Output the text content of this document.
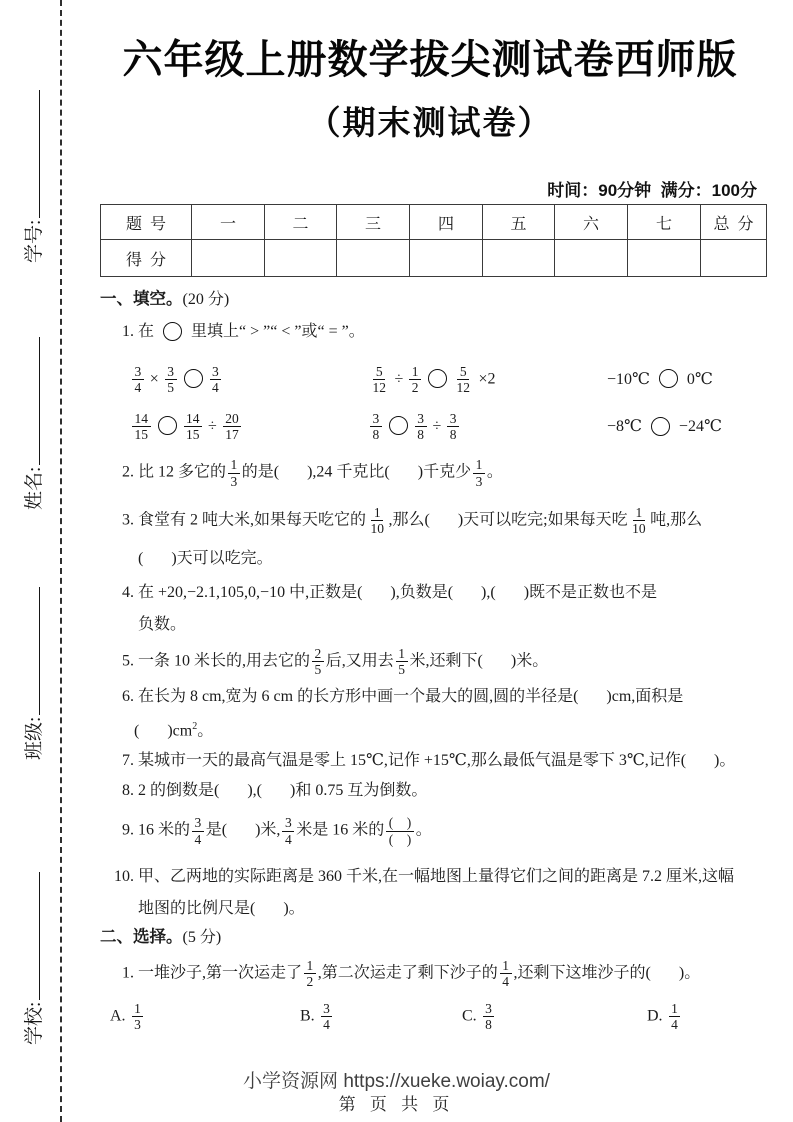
学号:
姓名:
班级:
学校:
六年级上册数学拔尖测试卷西师版
（期末测试卷）
时间：90分钟  满分：100分
题  号	一	二	三	四	五	六	七	总  分
得  分								
一、填空。(20 分)
1. 在  里填上“ > ”“ < ”或“ = ”。
$\frac{3}{4} \times \frac{3}{5} \frac{3}{4}$	$\frac{5}{12} \div \frac{1}{2} \frac{5}{12} \times 2$	−10℃  0℃
$\frac{14}{15} \frac{14}{15} \div \frac{20}{17}$	$\frac{3}{8} \frac{3}{8} \div \frac{3}{8}$	−8℃  −24℃
2. 比 12 多它的 $\frac{1}{3}$ 的是(       ),24 千克比(       )千克少 $\frac{1}{3}$ 。
3. 食堂有 2 吨大米,如果每天吃它的 $\frac{1}{10}$ ,那么(       )天可以吃完;如果每天吃 $\frac{1}{10}$ 吨,那么
(       )天可以吃完。
4. 在 +20,−2.1,105,0,−10 中,正数是(       ),负数是(       ),(       )既不是正数也不是
负数。
5. 一条 10 米长的,用去它的 $\frac{2}{5}$ 后,又用去 $\frac{1}{5}$ 米,还剩下(       )米。
6. 在长为 8 cm,宽为 6 cm 的长方形中画一个最大的圆,圆的半径是(       )cm,面积是
(       )$cm^2$。
7. 某城市一天的最高气温是零上 15℃,记作 +15℃,那么最低气温是零下 3℃,记作(       )。
8. 2 的倒数是(       ),(       )和 0.75 互为倒数。
9. 16 米的 $\frac{3}{4}$ 是(       )米, $\frac{3}{4}$ 米是 16 米的 $\frac{( )}{( )}$ 。
10. 甲、乙两地的实际距离是 360 千米,在一幅地图上量得它们之间的距离是 7.2 厘米,这幅
地图的比例尺是(       )。
二、选择。(5 分)
1. 一堆沙子,第一次运走了 $\frac{1}{2}$ ,第二次运走了剩下沙子的 $\frac{1}{4}$ ,还剩下这堆沙子的(       )。
A. $\frac{1}{3}$	B. $\frac{3}{4}$	C. $\frac{3}{8}$	D. $\frac{1}{4}$
小学资源网 https://xueke.woiay.com/
第 页 共 页
